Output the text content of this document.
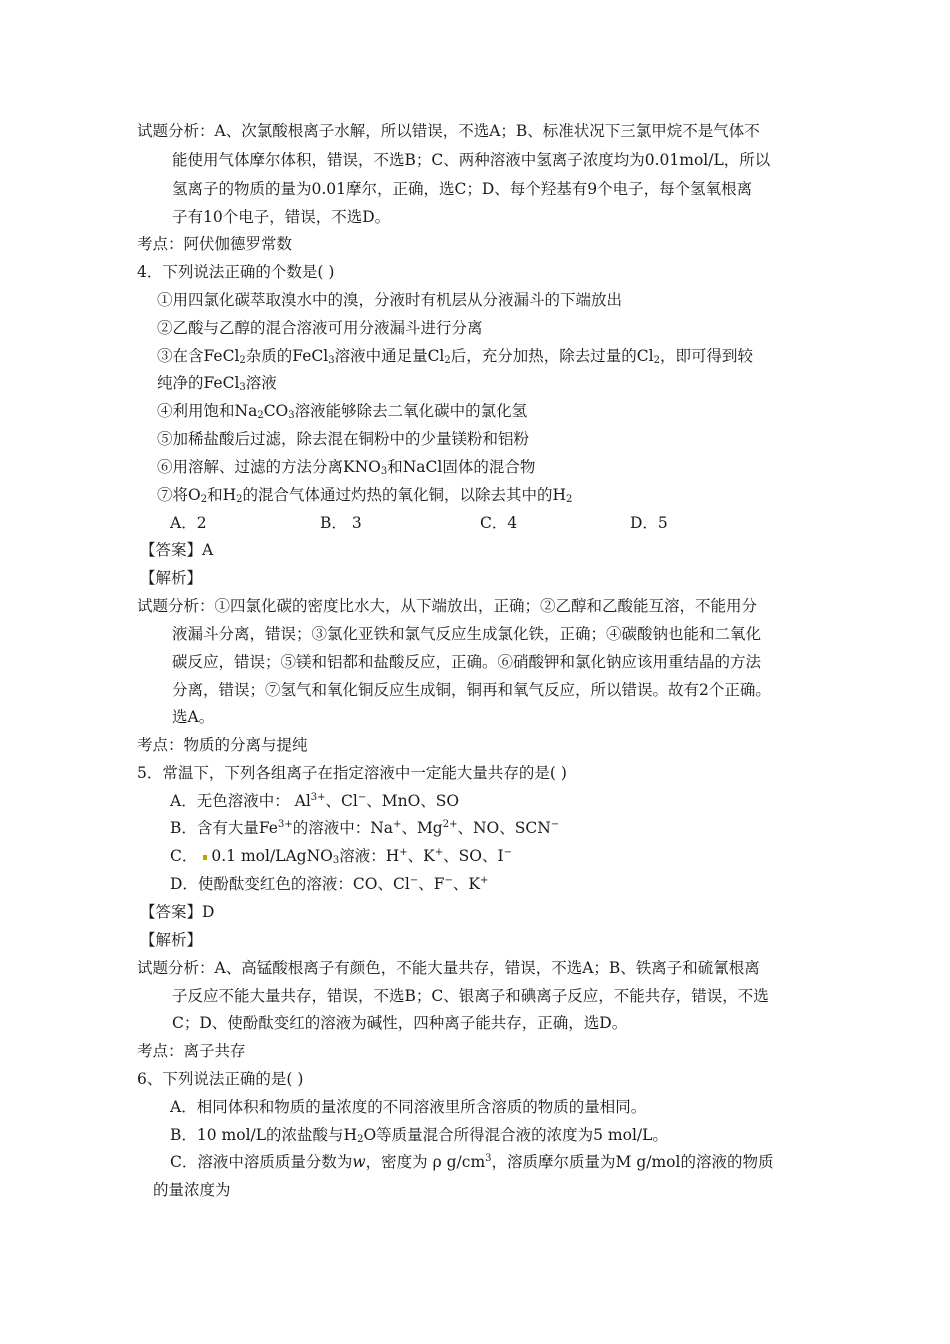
试题分析：A、次氯酸根离子水解，所以错误，不选A；B、标准状况下三氯甲烷不是气体不
能使用气体摩尔体积，错误，不选B；C、两种溶液中氢离子浓度均为0.01mol/L，所以
氢离子的物质的量为0.01摩尔，正确，选C；D、每个羟基有9个电子，每个氢氧根离
子有10个电子，错误，不选D。
考点：阿伏伽德罗常数
4．下列说法正确的个数是( )
①用四氯化碳萃取溴水中的溴，分液时有机层从分液漏斗的下端放出
②乙酸与乙醇的混合溶液可用分液漏斗进行分离
③在含FeCl$_2$杂质的FeCl$_3$溶液中通足量$Cl_2$后，充分加热，除去过量的$Cl_2$，即可得到较
纯净的FeCl$_3$溶液
④利用饱和$Na_2CO_3$溶液能够除去二氧化碳中的氯化氢
⑤加稀盐酸后过滤，除去混在铜粉中的少量镁粉和铝粉
⑥用溶解、过滤的方法分离$KNO_3$和NaCl固体的混合物
⑦将$O_2$和$H_2$的混合气体通过灼热的氧化铜，以除去其中的$H_2$
A．2	B． 3	C．4	D．5
【答案】A
【解析】
试题分析：①四氯化碳的密度比水大，从下端放出，正确；②乙醇和乙酸能互溶，不能用分
液漏斗分离，错误；③氯化亚铁和氯气反应生成氯化铁，正确；④碳酸钠也能和二氧化
碳反应，错误；⑤镁和铝都和盐酸反应，正确。⑥硝酸钾和氯化钠应该用重结晶的方法
分离，错误；⑦氢气和氧化铜反应生成铜，铜再和氧气反应，所以错误。故有2个正确。
选A。
考点：物质的分离与提纯
5．常温下，下列各组离子在指定溶液中一定能大量共存的是( )
A．无色溶液中： $Al^{3+}$、Cl−、MnO、SO
B．含有大量$Fe^{3+}$的溶液中：Na+、$Mg^{2+}$、NO、SCN−
C． 0.1 mol/LAgNO$_3$溶液：H+、K+、SO、I−
D．使酚酞变红色的溶液：CO、Cl−、F−、K+
【答案】D
【解析】
试题分析：A、高锰酸根离子有颜色，不能大量共存，错误，不选A；B、铁离子和硫氰根离
子反应不能大量共存，错误，不选B；C、银离子和碘离子反应，不能共存，错误，不选
C；D、使酚酞变红的溶液为碱性，四种离子能共存，正确，选D。
考点：离子共存
6、下列说法正确的是( )
A．相同体积和物质的量浓度的不同溶液里所含溶质的物质的量相同。
B．10 mol/L的浓盐酸与$H_2O$等质量混合所得混合液的浓度为5 mol/L。
C．溶液中溶质质量分数为w，密度为 ρ $g/cm^3$，溶质摩尔质量为M g/mol的溶液的物质
的量浓度为
